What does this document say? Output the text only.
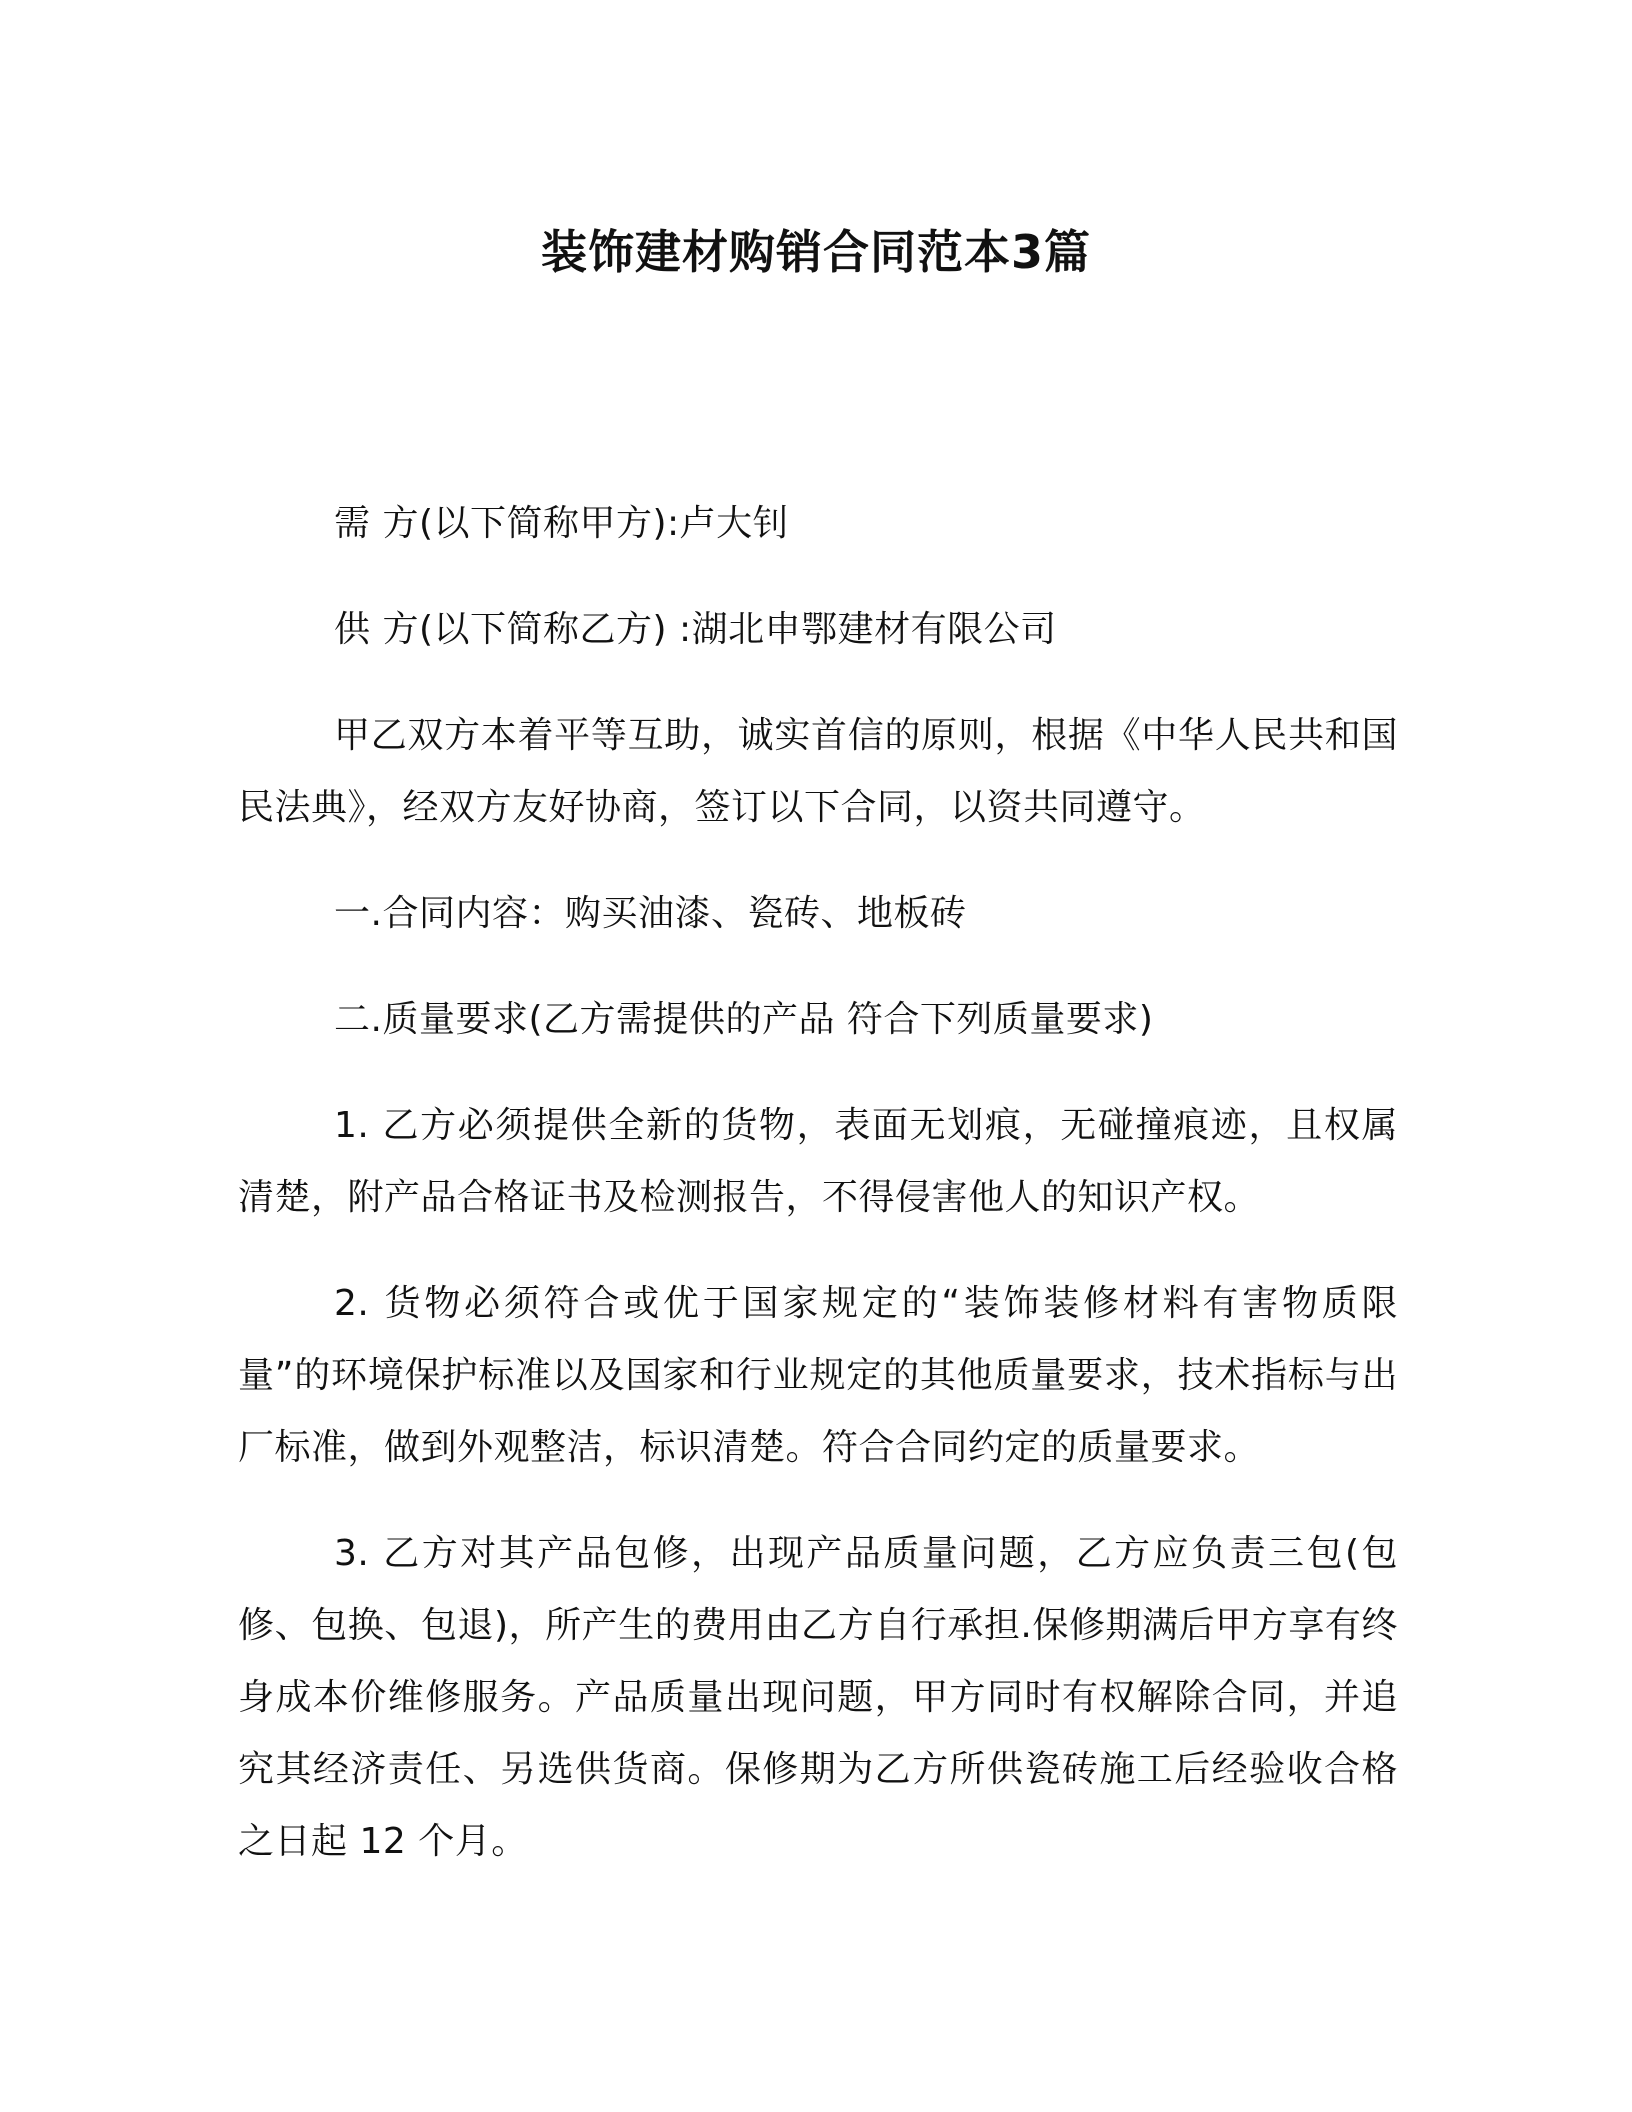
装饰建材购销合同范本3篇

需 方(以下简称甲方):卢大钊

供 方(以下简称乙方) :湖北申鄂建材有限公司

甲乙双方本着平等互助，诚实首信的原则，根据《中华人民共和国民法典》，经双方友好协商，签订以下合同，以资共同遵守。

一.合同内容：购买油漆、瓷砖、地板砖

二.质量要求(乙方需提供的产品 符合下列质量要求)

1. 乙方必须提供全新的货物，表面无划痕，无碰撞痕迹，且权属清楚，附产品合格证书及检测报告，不得侵害他人的知识产权。

2. 货物必须符合或优于国家规定的“装饰装修材料有害物质限量”的环境保护标准以及国家和行业规定的其他质量要求，技术指标与出厂标准，做到外观整洁，标识清楚。符合合同约定的质量要求。

3. 乙方对其产品包修，出现产品质量问题，乙方应负责三包(包修、包换、包退)，所产生的费用由乙方自行承担.保修期满后甲方享有终身成本价维修服务。产品质量出现问题，甲方同时有权解除合同，并追究其经济责任、另选供货商。保修期为乙方所供瓷砖施工后经验收合格之日起 12 个月。
